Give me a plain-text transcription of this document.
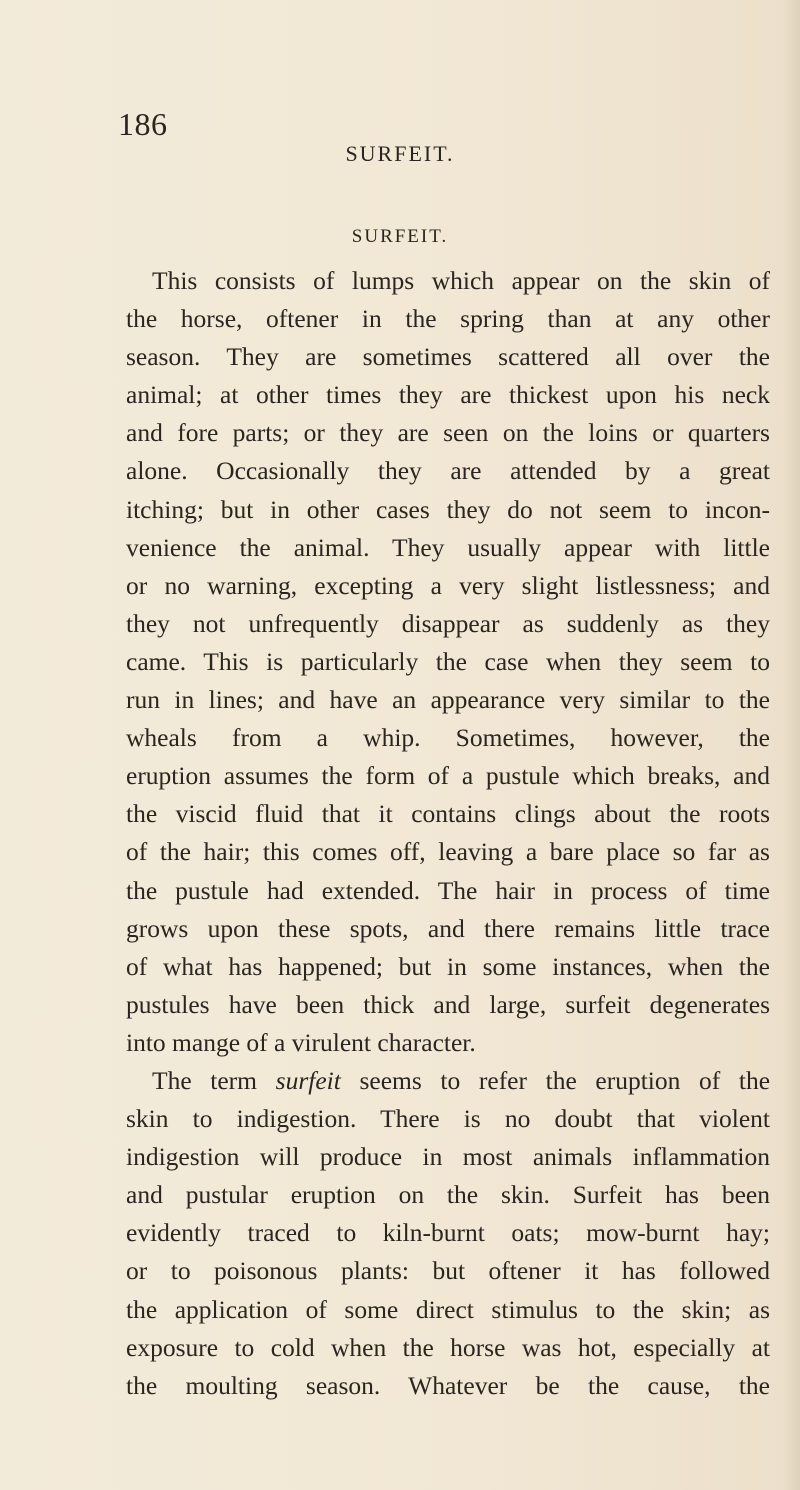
186
SURFEIT.
SURFEIT.

This consists of lumps which appear on the skin of
the horse, oftener in the spring than at any other
season. They are sometimes scattered all over the
animal; at other times they are thickest upon his neck
and fore parts; or they are seen on the loins or quarters
alone. Occasionally they are attended by a great
itching; but in other cases they do not seem to incon-
venience the animal. They usually appear with little
or no warning, excepting a very slight listlessness; and
they not unfrequently disappear as suddenly as they
came. This is particularly the case when they seem to
run in lines; and have an appearance very similar to the
wheals from a whip. Sometimes, however, the
eruption assumes the form of a pustule which breaks, and
the viscid fluid that it contains clings about the roots
of the hair; this comes off, leaving a bare place so far as
the pustule had extended. The hair in process of time
grows upon these spots, and there remains little trace
of what has happened; but in some instances, when the
pustules have been thick and large, surfeit degenerates
into mange of a virulent character.

The term surfeit seems to refer the eruption of the
skin to indigestion. There is no doubt that violent
indigestion will produce in most animals inflammation
and pustular eruption on the skin. Surfeit has been
evidently traced to kiln-burnt oats; mow-burnt hay;
or to poisonous plants: but oftener it has followed
the application of some direct stimulus to the skin; as
exposure to cold when the horse was hot, especially at
the moulting season. Whatever be the cause, the
